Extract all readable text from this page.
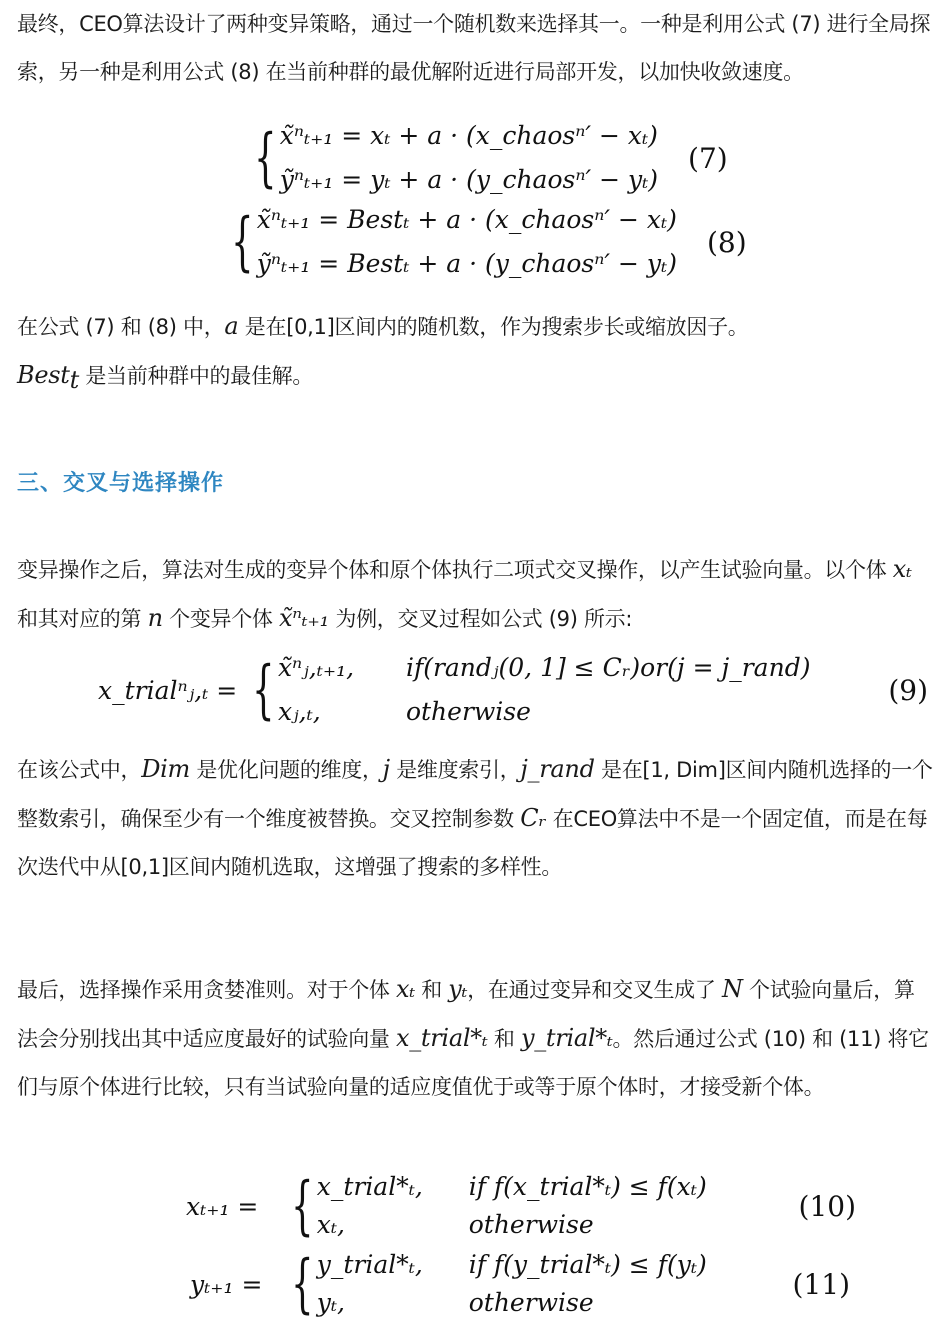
最终，CEO算法设计了两种变异策略，通过一个随机数来选择其一。一种是利用公式 (7) 进行全局探索，另一种是利用公式 (8) 在当前种群的最优解附近进行局部开发，以加快收敛速度。

{ x̃ⁿₜ₊₁ = xₜ + a · (x_chaosⁿ′ − xₜ)
ỹⁿₜ₊₁ = yₜ + a · (y_chaosⁿ′ − yₜ)
(7)
{ x̃ⁿₜ₊₁ = Bestₜ + a · (x_chaosⁿ′ − xₜ)
ỹⁿₜ₊₁ = Bestₜ + a · (y_chaosⁿ′ − yₜ)
(8)

在公式 (7) 和 (8) 中，a 是在[0,1]区间内的随机数，作为搜索步长或缩放因子。
Best$_t$ 是当前种群中的最佳解。

三、交叉与选择操作

变异操作之后，算法对生成的变异个体和原个体执行二项式交叉操作，以产生试验向量。以个体 xₜ 和其对应的第 n 个变异个体 x̃ⁿₜ₊₁ 为例，交叉过程如公式 (9) 所示:

x_trialⁿⱼ,ₜ = { x̃ⁿⱼ,ₜ₊₁, if(randⱼ(0, 1] ≤ Cᵣ)or(j = j_rand)
xⱼ,ₜ,	otherwise
(9)

在该公式中，Dim 是优化问题的维度，j 是维度索引，j_rand 是在[1, Dim]区间内随机选择的一个整数索引，确保至少有一个维度被替换。交叉控制参数 Cᵣ 在CEO算法中不是一个固定值，而是在每次迭代中从[0,1]区间内随机选取，这增强了搜索的多样性。

最后，选择操作采用贪婪准则。对于个体 xₜ 和 yₜ，在通过变异和交叉生成了 N 个试验向量后，算法会分别找出其中适应度最好的试验向量 x_trial*ₜ 和 y_trial*ₜ。然后通过公式 (10) 和 (11) 将它们与原个体进行比较，只有当试验向量的适应度值优于或等于原个体时，才接受新个体。

xₜ₊₁ = { x_trial*ₜ, if f(x_trial*ₜ) ≤ f(xₜ)
xₜ,	otherwise
(10)
yₜ₊₁ = { y_trial*ₜ, if f(y_trial*ₜ) ≤ f(yₜ)
yₜ,	otherwise
(11)
